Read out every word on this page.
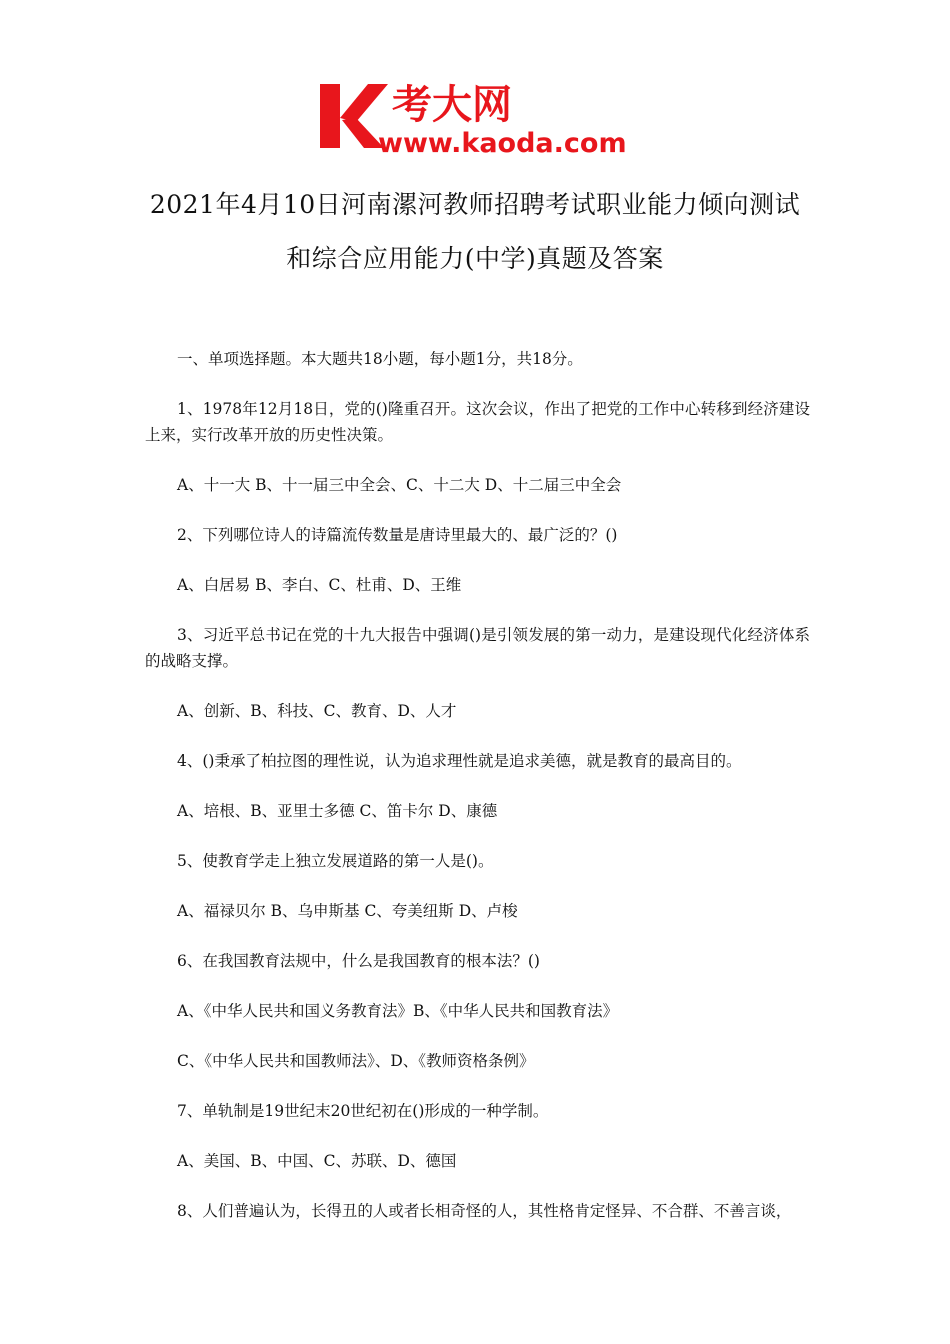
考大网
www.kaoda.com
2021年4月10日河南漯河教师招聘考试职业能力倾向测试
和综合应用能力(中学)真题及答案

一、单项选择题。本大题共18小题，每小题1分，共18分。

1、1978年12月18日，党的()隆重召开。这次会议，作出了把党的工作中心转移到经济建设上来，实行改革开放的历史性决策。

A、十一大 B、十一届三中全会、C、十二大 D、十二届三中全会

2、下列哪位诗人的诗篇流传数量是唐诗里最大的、最广泛的？()

A、白居易 B、李白、C、杜甫、D、王维

3、习近平总书记在党的十九大报告中强调()是引领发展的第一动力，是建设现代化经济体系的战略支撑。

A、创新、B、科技、C、教育、D、人才

4、()秉承了柏拉图的理性说，认为追求理性就是追求美德，就是教育的最高目的。

A、培根、B、亚里士多德 C、笛卡尔 D、康德

5、使教育学走上独立发展道路的第一人是()。

A、福禄贝尔 B、乌申斯基 C、夸美纽斯 D、卢梭

6、在我国教育法规中，什么是我国教育的根本法？()

A、《中华人民共和国义务教育法》B、《中华人民共和国教育法》

C、《中华人民共和国教师法》、D、《教师资格条例》

7、单轨制是19世纪末20世纪初在()形成的一种学制。

A、美国、B、中国、C、苏联、D、德国

8、人们普遍认为，长得丑的人或者长相奇怪的人，其性格肯定怪异、不合群、不善言谈，
